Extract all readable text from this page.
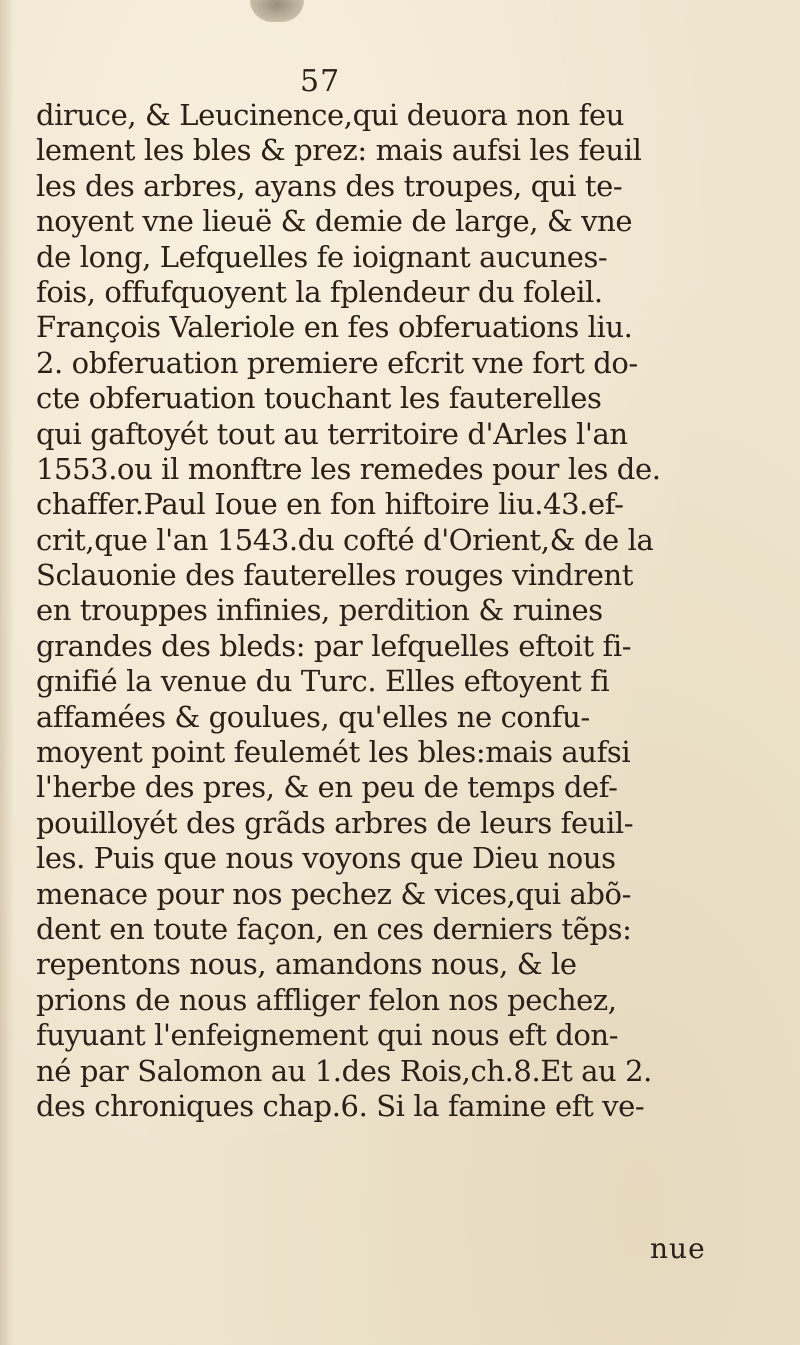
57
diruce, & Leucinence,qui deuora non feu
lement les bles & prez: mais aufsi les feuil
les des arbres, ayans des troupes, qui te-
noyent vne lieuë & demie de large, & vne
de long, Lefquelles fe ioignant aucunes-
fois, offufquoyent la fplendeur du foleil.
François Valeriole en fes obferuations liu.
2. obferuation premiere efcrit vne fort do-
cte obferuation touchant les fauterelles
qui gaftoyét tout au territoire d'Arles l'an
1553.ou il monftre les remedes pour les de.
chaffer.Paul Ioue en fon hiftoire liu.43.ef-
crit,que l'an 1543.du cofté d'Orient,& de la
Sclauonie des fauterelles rouges vindrent
en trouppes infinies, perdition & ruines
grandes des bleds: par lefquelles eftoit fi-
gnifié la venue du Turc. Elles eftoyent fi
affamées & goulues, qu'elles ne confu-
moyent point feulemét les bles:mais aufsi
l'herbe des pres, & en peu de temps def-
pouilloyét des grãds arbres de leurs feuil-
les. Puis que nous voyons que Dieu nous
menace pour nos pechez & vices,qui abõ-
dent en toute façon, en ces derniers tẽps:
repentons nous, amandons nous, & le
prions de nous affliger felon nos pechez,
fuyuant l'enfeignement qui nous eft don-
né par Salomon au 1.des Rois,ch.8.Et au 2.
des chroniques chap.6. Si la famine eft ve-
nue
